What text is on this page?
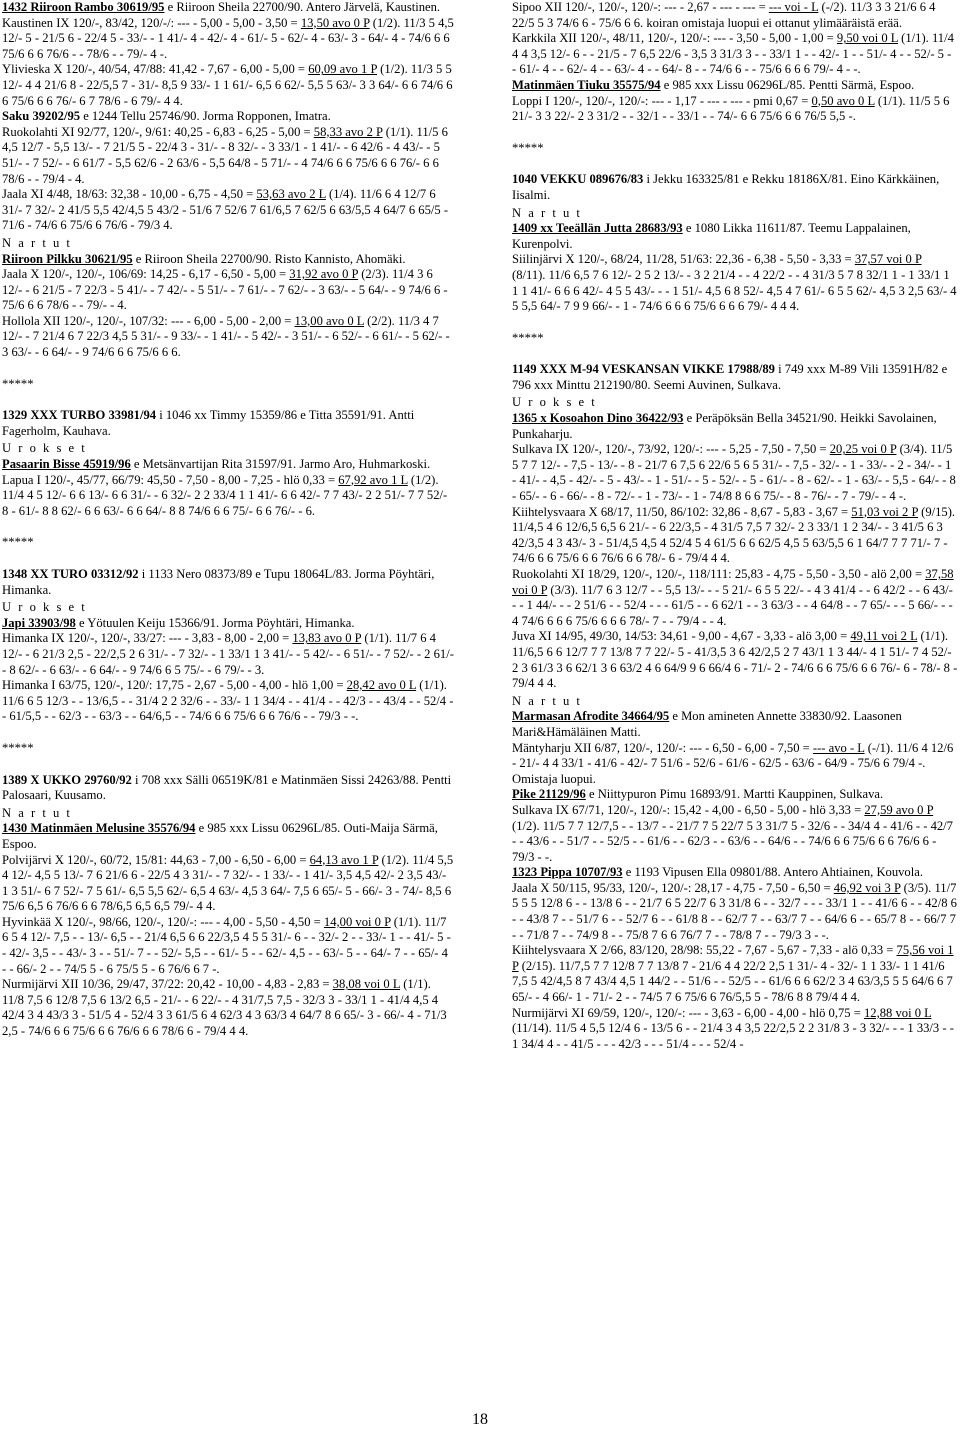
1432 Riiroon Rambo 30619/95 e Riiroon Sheila 22700/90. Antero Järvelä, Kaustinen.
Kaustinen IX 120/-, 83/42, 120/-/: --- - 5,00 - 5,00 - 3,50 = 13,50 avo 0 P (1/2). 11/3 5 4,5 12/- 5 - 21/5 6 - 22/4 5 - 33/- - 1 41/- 4 - 42/- 4 - 61/- 5 - 62/- 4 - 63/- 3 - 64/- 4 - 74/6 6 6 75/6 6 6 76/6 - - 78/6 - - 79/- 4 -.
Ylivieska X 120/-, 40/54, 47/88: 41,42 - 7,67 - 6,00 - 5,00 = 60,09 avo 1 P (1/2). 11/3 5 5 12/- 4 4 21/6 8 - 22/5,5 7 - 31/- 8,5 9 33/- 1 1 61/- 6,5 6 62/- 5,5 5 63/- 3 3 64/- 6 6 74/6 6 6 75/6 6 6 76/- 6 7 78/6 - 6 79/- 4 4.
Saku 39202/95 e 1244 Tellu 25746/90. Jorma Ropponen, Imatra.
Ruokolahti XI 92/77, 120/-, 9/61: 40,25 - 6,83 - 6,25 - 5,00 = 58,33 avo 2 P (1/1). 11/5 6 4,5 12/7 - 5,5 13/- - 7 21/5 5 - 22/4 3 - 31/- - 8 32/- - 3 33/1 - 1 41/- - 6 42/6 - 4 43/- - 5 51/- - 7 52/- - 6 61/7 - 5,5 62/6 - 2 63/6 - 5,5 64/8 - 5 71/- - 4 74/6 6 6 75/6 6 6 76/- 6 6 78/6 - - 79/4 - 4.
Jaala XI 4/48, 18/63: 32,38 - 10,00 - 6,75 - 4,50 = 53,63 avo 2 L (1/4). 11/6 6 4 12/7 6 31/- 7 32/- 2 41/5 5,5 42/4,5 5 43/2 - 51/6 7 52/6 7 61/6,5 7 62/5 6 63/5,5 4 64/7 6 65/5 - 71/6 - 74/6 6 75/6 6 76/6 - 79/3 4.

N a r t u t

Riiroon Pilkku 30621/95 e Riiroon Sheila 22700/90. Risto Kannisto, Ahomäki.
Jaala X 120/-, 120/-, 106/69: 14,25 - 6,17 - 6,50 - 5,00 = 31,92 avo 0 P (2/3). 11/4 3 6 12/- - 6 21/5 - 7 22/3 - 5 41/- - 7 42/- - 5 51/- - 7 61/- - 7 62/- - 3 63/- - 5 64/- - 9 74/6 6 - 75/6 6 6 78/6 - - 79/- - 4.
Hollola XII 120/-, 120/-, 107/32: --- - 6,00 - 5,00 - 2,00 = 13,00 avo 0 L (2/2). 11/3 4 7 12/- - 7 21/4 6 7 22/3 4,5 5 31/- - 9 33/- - 1 41/- - 5 42/- - 3 51/- - 6 52/- - 6 61/- - 5 62/- - 3 63/- - 6 64/- - 9 74/6 6 6 75/6 6 6.

*****

1329 XXX TURBO 33981/94 i 1046 xx Timmy 15359/86 e Titta 35591/91. Antti Fagerholm, Kauhava.

U r o k s e t

Pasaarin Bisse 45919/96 e Metsänvartijan Rita 31597/91. Jarmo Aro, Huhmarkoski.
Lapua I 120/-, 45/77, 66/79: 45,50 - 7,50 - 8,00 - 7,25 - hlö 0,33 = 67,92 avo 1 L (1/2). 11/4 4 5 12/- 6 6 13/- 6 6 31/- - 6 32/- 2 2 33/4 1 1 41/- 6 6 42/- 7 7 43/- 2 2 51/- 7 7 52/- 8 - 61/- 8 8 62/- 6 6 63/- 6 6 64/- 8 8 74/6 6 6 75/- 6 6 76/- - 6.

*****

1348 XX TURO 03312/92 i 1133 Nero 08373/89 e Tupu 18064L/83. Jorma Pöyhtäri, Himanka.

U r o k s e t

Japi 33903/98 e Yötuulen Keiju 15366/91. Jorma Pöyhtäri, Himanka.
Himanka IX 120/-, 120/-, 33/27: --- - 3,83 - 8,00 - 2,00 = 13,83 avo 0 P (1/1). 11/7 6 4 12/- - 6 21/3 2,5 - 22/2,5 2 6 31/- - 7 32/- - 1 33/1 1 3 41/- - 5 42/- - 6 51/- - 7 52/- - 2 61/- - 8 62/- - 6 63/- - 6 64/- - 9 74/6 6 5 75/- - 6 79/- - 3.
Himanka I 63/75, 120/-, 120/: 17,75 - 2,67 - 5,00 - 4,00 - hlö 1,00 = 28,42 avo 0 L (1/1). 11/6 6 5 12/3 - - 13/6,5 - - 31/4 2 2 32/6 - - 33/- 1 1 34/4 - - 41/4 - - 42/3 - - 43/4 - - 52/4 - - 61/5,5 - - 62/3 - - 63/3 - - 64/6,5 - - 74/6 6 6 75/6 6 6 76/6 - - 79/3 - -.

*****

1389 X UKKO 29760/92 i 708 xxx Sälli 06519K/81 e Matinmäen Sissi 24263/88. Pentti Palosaari, Kuusamo.

N a r t u t

1430 Matinmäen Melusine 35576/94 e 985 xxx Lissu 06296L/85. Outi-Maija Särmä, Espoo.
Polvijärvi X 120/-, 60/72, 15/81: 44,63 - 7,00 - 6,50 - 6,00 = 64,13 avo 1 P (1/2). 11/4 5,5 4 12/- 4,5 5 13/- 7 6 21/6 6 - 22/5 4 3 31/- - 7 32/- - 1 33/- - 1 41/- 3,5 4,5 42/- 2 3,5 43/- 1 3 51/- 6 7 52/- 7 5 61/- 6,5 5,5 62/- 6,5 4 63/- 4,5 3 64/- 7,5 6 65/- 5 - 66/- 3 - 74/- 8,5 6 75/6 6,5 6 76/6 6 6 78/6,5 6,5 6,5 79/- 4 4.
Hyvinkää X 120/-, 98/66, 120/-, 120/-: --- - 4,00 - 5,50 - 4,50 = 14,00 voi 0 P (1/1). 11/7 6 5 4 12/- 7,5 - - 13/- 6,5 - - 21/4 6,5 6 6 22/3,5 4 5 5 31/- 6 - - 32/- 2 - - 33/- 1 - - 41/- 5 - - 42/- 3,5 - - 43/- 3 - - 51/- 7 - - 52/- 5,5 - - 61/- 5 - - 62/- 4,5 - - 63/- 5 - - 64/- 7 - - 65/- 4 - - 66/- 2 - - 74/5 5 - 6 75/5 5 - 6 76/6 6 7 -.
Nurmijärvi XII 10/36, 29/47, 37/22: 20,42 - 10,00 - 4,83 - 2,83 = 38,08 voi 0 L (1/1). 11/8 7,5 6 12/8 7,5 6 13/2 6,5 - 21/- - 6 22/- - 4 31/7,5 7,5 - 32/3 3 - 33/1 1 - 41/4 4,5 4 42/4 3 4 43/3 3 - 51/5 4 - 52/4 3 3 61/5 6 4 62/3 4 3 63/3 4 64/7 8 6 65/- 3 - 66/- 4 - 71/3 2,5 - 74/6 6 6 75/6 6 6 76/6 6 6 78/6 6 - 79/4 4 4.

Sipoo XII 120/-, 120/-, 120/-: --- - 2,67 - --- - --- = --- voi - L (-/2). 11/3 3 3 21/6 6 4 22/5 5 3 74/6 6 - 75/6 6 6. koiran omistaja luopui ei ottanut ylimääräistä erää.
Karkkila XII 120/-, 48/11, 120/-, 120/-: --- - 3,50 - 5,00 - 1,00 = 9,50 voi 0 L (1/1). 11/4 4 4 3,5 12/- 6 - - 21/5 - 7 6,5 22/6 - 3,5 3 31/3 3 - - 33/1 1 - - 42/- 1 - - 51/- 4 - - 52/- 5 - - 61/- 4 - - 62/- 4 - - 63/- 4 - - 64/- 8 - - 74/6 6 - - 75/6 6 6 6 79/- 4 - -.
Matinmäen Tiuku 35575/94 e 985 xxx Lissu 06296L/85. Pentti Särmä, Espoo.
Loppi I 120/-, 120/-, 120/-: --- - 1,17 - --- - --- - pmi 0,67 = 0,50 avo 0 L (1/1). 11/5 5 6 21/- 3 3 22/- 2 3 31/2 - - 32/1 - - 33/1 - - 74/- 6 6 75/6 6 6 76/5 5,5 -.

*****

1040 VEKKU 089676/83 i Jekku 163325/81 e Rekku 18186X/81. Eino Kärkkäinen, Iisalmi.

N a r t u t

1409 xx Teeällän Jutta 28683/93 e 1080 Likka 11611/87. Teemu Lappalainen, Kurenpolvi.
Siilinjärvi X 120/-, 68/24, 11/28, 51/63: 22,36 - 6,38 - 5,50 - 3,33 = 37,57 voi 0 P (8/11). 11/6 6,5 7 6 12/- 2 5 2 13/- - 3 2 21/4 - - 4 22/2 - - 4 31/3 5 7 8 32/1 1 - 1 33/1 1 1 1 41/- 6 6 6 42/- 4 5 5 43/- - - 1 51/- 4,5 6 8 52/- 4,5 4 7 61/- 6 5 5 62/- 4,5 3 2,5 63/- 4 5 5,5 64/- 7 9 9 66/- - 1 - 74/6 6 6 6 75/6 6 6 6 79/- 4 4 4.

*****

1149 XXX M-94 VESKANSAN VIKKE 17988/89 i 749 xxx M-89 Vili 13591H/82 e 796 xxx Minttu 212190/80. Seemi Auvinen, Sulkava.

U r o k s e t

1365 x Kosoahon Dino 36422/93 e Peräpöksän Bella 34521/90. Heikki Savolainen, Punkaharju.
Sulkava IX 120/-, 120/-, 73/92, 120/-: --- - 5,25 - 7,50 - 7,50 = 20,25 voi 0 P (3/4). 11/5 5 7 7 12/- - 7,5 - 13/- - 8 - 21/7 6 7,5 6 22/6 5 6 5 31/- - 7,5 - 32/- - 1 - 33/- - 2 - 34/- - 1 - 41/- - 4,5 - 42/- - 5 - 43/- - 1 - 51/- - 5 - 52/- - 5 - 61/- - 8 - 62/- - 1 - 63/- - 5,5 - 64/- - 8 - 65/- - 6 - 66/- - 8 - 72/- - 1 - 73/- - 1 - 74/8 8 6 6 75/- - 8 - 76/- - 7 - 79/- - 4 -.
Kiihtelysvaara X 68/17, 11/50, 86/102: 32,86 - 8,67 - 5,83 - 3,67 = 51,03 voi 2 P (9/15). 11/4,5 4 6 12/6,5 6,5 6 21/- - 6 22/3,5 - 4 31/5 7,5 7 32/- 2 3 33/1 1 2 34/- - 3 41/5 6 3 42/3,5 4 3 43/- 3 - 51/4,5 4,5 4 52/4 5 4 61/5 6 6 62/5 4,5 5 63/5,5 6 1 64/7 7 7 71/- 7 - 74/6 6 6 75/6 6 6 76/6 6 6 78/- 6 - 79/4 4 4.
Ruokolahti XI 18/29, 120/-, 120/-, 118/111: 25,83 - 4,75 - 5,50 - 3,50 - alö 2,00 = 37,58 voi 0 P (3/3). 11/7 6 3 12/7 - - 5,5 13/- - - 5 21/- 6 5 5 22/- - 4 3 41/4 - - 6 42/2 - - 6 43/- - - 1 44/- - - 2 51/6 - - 52/4 - - - 61/5 - - 6 62/1 - - 3 63/3 - - 4 64/8 - - 7 65/- - - 5 66/- - - 4 74/6 6 6 6 75/6 6 6 6 78/- 7 - - 79/4 - - 4.
Juva XI 14/95, 49/30, 14/53: 34,61 - 9,00 - 4,67 - 3,33 - alö 3,00 = 49,11 voi 2 L (1/1). 11/6,5 6 6 12/7 7 7 13/8 7 7 22/- 5 - 41/3,5 3 6 42/2,5 2 7 43/1 1 3 44/- 4 1 51/- 7 4 52/- 2 3 61/3 3 6 62/1 3 6 63/2 4 6 64/9 9 6 66/4 6 - 71/- 2 - 74/6 6 6 75/6 6 6 76/- 6 - 78/- 8 - 79/4 4 4.

N a r t u t

Marmasan Afrodite 34664/95 e Mon amineten Annette 33830/92. Laasonen Mari&Hämäläinen Matti.
Mäntyharju XII 6/87, 120/-, 120/-: --- - 6,50 - 6,00 - 7,50 = --- avo - L (-/1). 11/6 4 12/6 - 21/- 4 4 33/1 - 41/6 - 42/- 7 51/6 - 52/6 - 61/6 - 62/5 - 63/6 - 64/9 - 75/6 6 79/4 -. Omistaja luopui.
Pike 21129/96 e Niittypuron Pimu 16893/91. Martti Kauppinen, Sulkava.
Sulkava IX 67/71, 120/-, 120/-: 15,42 - 4,00 - 6,50 - 5,00 - hlö 3,33 = 27,59 avo 0 P (1/2). 11/5 7 7 12/7,5 - - 13/7 - - 21/7 7 5 22/7 5 3 31/7 5 - 32/6 - - 34/4 4 - 41/6 - - 42/7 - - 43/6 - - 51/7 - - 52/5 - - 61/6 - - 62/3 - - 63/6 - - 64/6 - - 74/6 6 6 75/6 6 6 76/6 6 - 79/3 - -.
1323 Pippa 10707/93 e 1193 Vipusen Ella 09801/88. Antero Ahtiainen, Kouvola.
Jaala X 50/115, 95/33, 120/-, 120/-: 28,17 - 4,75 - 7,50 - 6,50 = 46,92 voi 3 P (3/5). 11/7 5 5 5 12/8 6 - - 13/8 6 - - 21/7 6 5 22/7 6 3 31/8 6 - - 32/7 - - - 33/1 1 - - 41/6 6 - - 42/8 6 - - 43/8 7 - - 51/7 6 - - 52/7 6 - - 61/8 8 - - 62/7 7 - - 63/7 7 - - 64/6 6 - - 65/7 8 - - 66/7 7 - - 71/8 7 - - 74/9 8 - - 75/8 7 6 6 76/7 7 - - 78/8 7 - - 79/3 3 - -.
Kiihtelysvaara X 2/66, 83/120, 28/98: 55,22 - 7,67 - 5,67 - 7,33 - alö 0,33 = 75,56 voi 1 P (2/15). 11/7,5 7 7 12/8 7 7 13/8 7 - 21/6 4 4 22/2 2,5 1 31/- 4 - 32/- 1 1 33/- 1 1 41/6 7,5 5 42/4,5 8 7 43/4 4,5 1 44/2 - - 51/6 - - 52/5 - - 61/6 6 6 62/2 3 4 63/3,5 5 5 64/6 6 7 65/- - 4 66/- 1 - 71/- 2 - - 74/5 7 6 75/6 6 76/5,5 5 - 78/6 8 8 79/4 4 4.
Nurmijärvi XI 69/59, 120/-, 120/-: --- - 3,63 - 6,00 - 4,00 - hlö 0,75 = 12,88 voi 0 L (11/14). 11/5 4 5,5 12/4 6 - 13/5 6 - - 21/4 3 4 3,5 22/2,5 2 2 31/8 3 - 3 32/- - - 1 33/3 - - 1 34/4 4 - - 41/5 - - - 42/3 - - - 51/4 - - - 52/4 -

18
